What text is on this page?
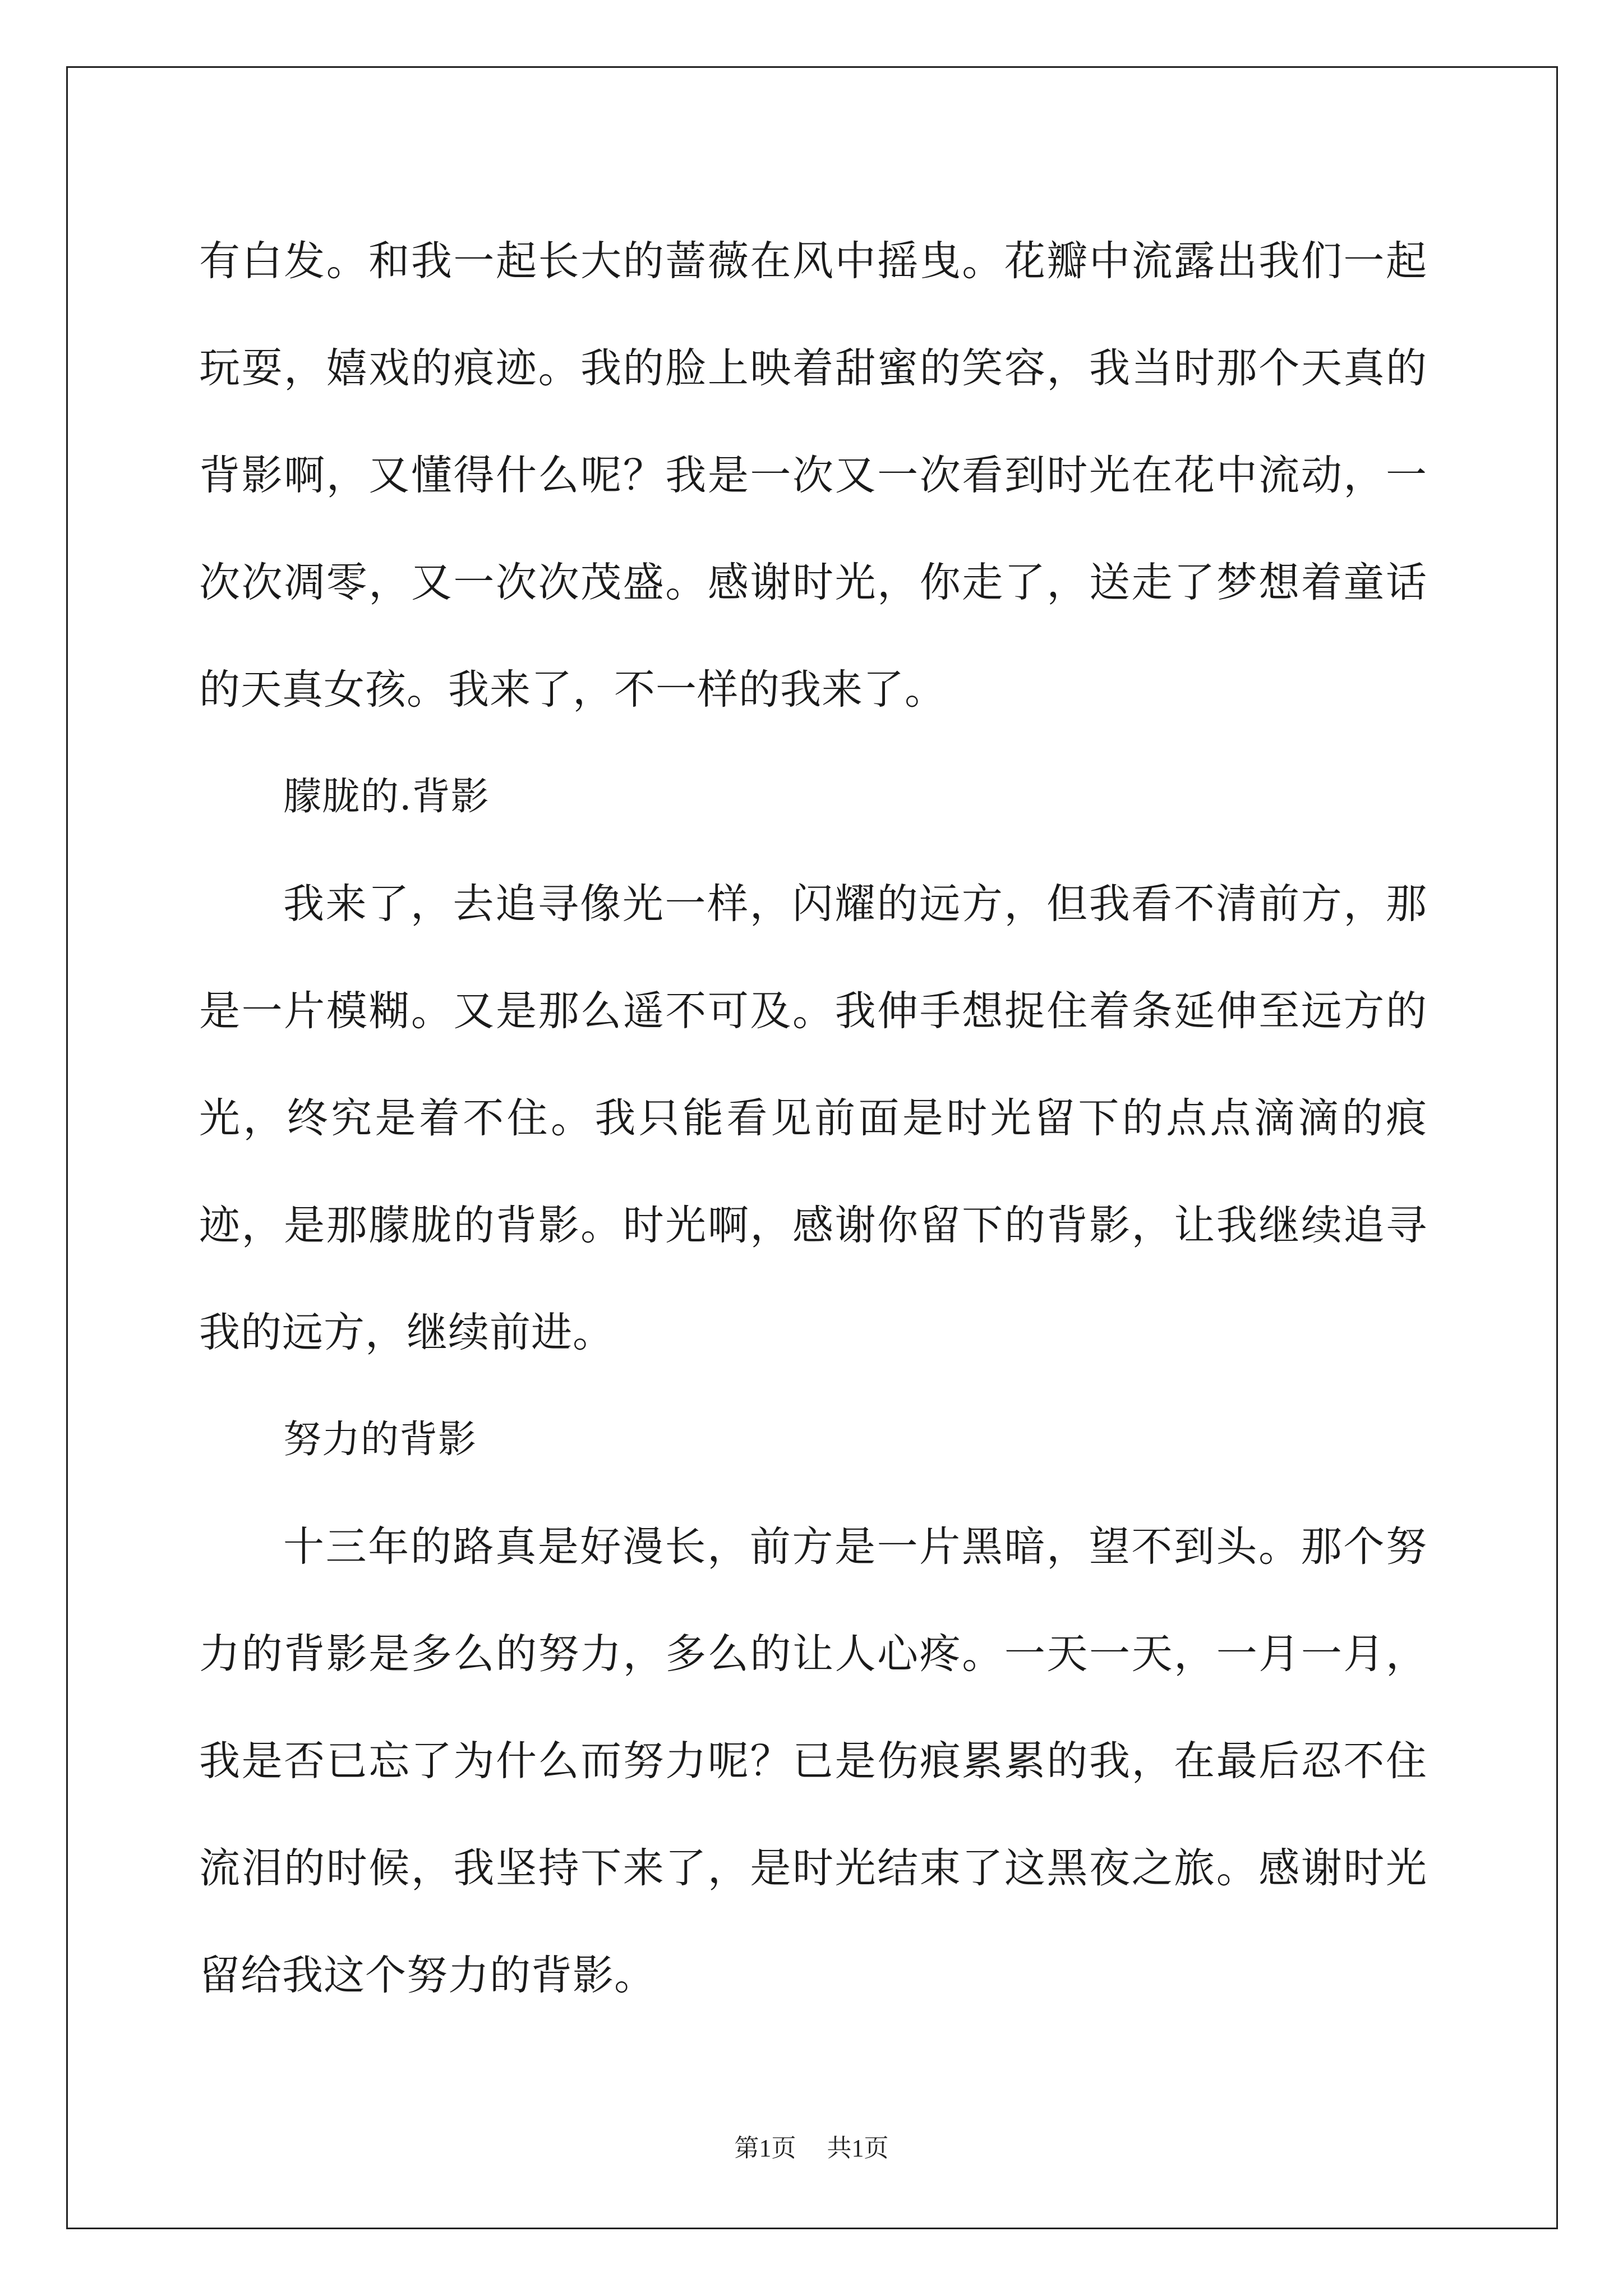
有白发。和我一起长大的蔷薇在风中摇曳。花瓣中流露出我们一起玩耍，嬉戏的痕迹。我的脸上映着甜蜜的笑容，我当时那个天真的背影啊，又懂得什么呢？我是一次又一次看到时光在花中流动，一次次凋零，又一次次茂盛。感谢时光，你走了，送走了梦想着童话的天真女孩。我来了，不一样的我来了。

朦胧的.背影

我来了，去追寻像光一样，闪耀的远方，但我看不清前方，那是一片模糊。又是那么遥不可及。我伸手想捉住着条延伸至远方的光，终究是着不住。我只能看见前面是时光留下的点点滴滴的痕迹，是那朦胧的背影。时光啊，感谢你留下的背影，让我继续追寻我的远方，继续前进。

努力的背影

十三年的路真是好漫长，前方是一片黑暗，望不到头。那个努力的背影是多么的努力，多么的让人心疼。一天一天，一月一月，我是否已忘了为什么而努力呢？已是伤痕累累的我，在最后忍不住流泪的时候，我坚持下来了，是时光结束了这黑夜之旅。感谢时光留给我这个努力的背影。

第1页 共1页
